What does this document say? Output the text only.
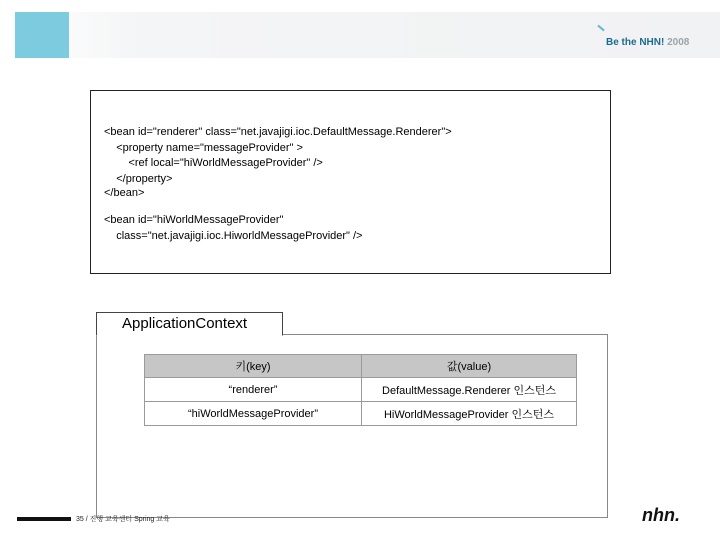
Be the NHN! 2008
<bean id="renderer" class="net.javajigi.ioc.DefaultMessage.Renderer">
<property name="messageProvider" >
<ref local="hiWorldMessageProvider" />
</property>
</bean>
<bean id="hiWorldMessageProvider"
class="net.javajigi.ioc.HiworldMessageProvider" />
ApplicationContext
키(key)	값(value)
“renderer”	DefaultMessage.Renderer 인스턴스
“hiWorldMessageProvider”	HiWorldMessageProvider 인스턴스
35 / 진행 교육센터 Spring 교육	nhn.
